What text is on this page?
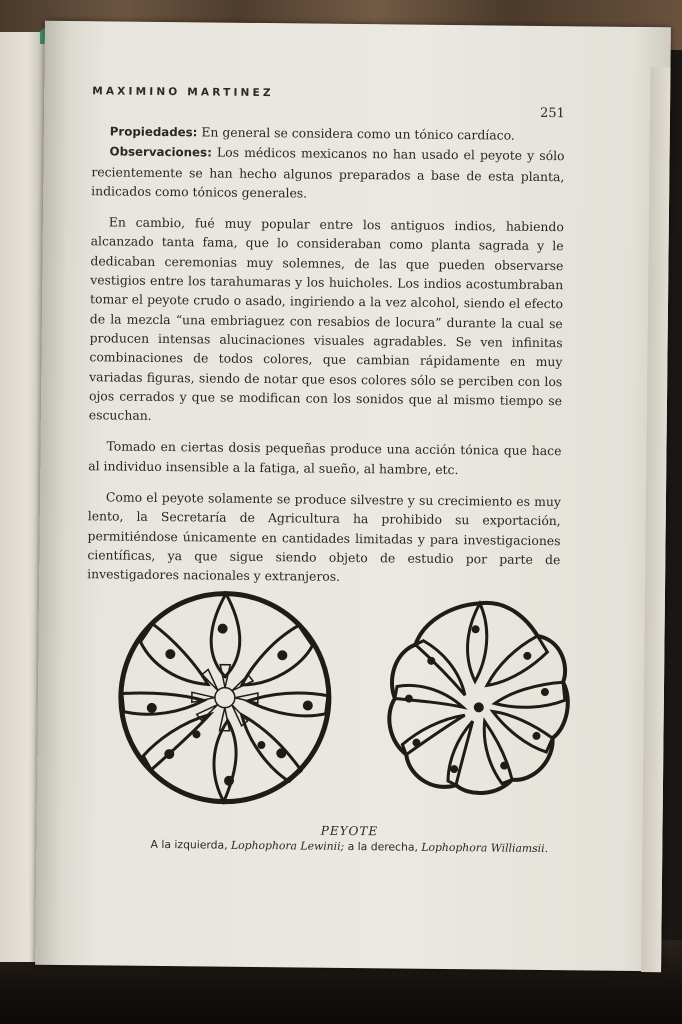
MAXIMINO MARTINEZ
251

Propiedades: En general se considera como un tónico cardíaco.

Observaciones: Los médicos mexicanos no han usado el peyote y sólo recientemente se han hecho algunos preparados a base de esta planta, indicados como tónicos generales.

En cambio, fué muy popular entre los antiguos indios, habiendo alcanzado tanta fama, que lo consideraban como planta sagrada y le dedicaban ceremonias muy solemnes, de las que pueden observarse vestigios entre los tarahumaras y los huicholes. Los indios acostumbraban tomar el peyote crudo o asado, ingiriendo a la vez alcohol, siendo el efecto de la mezcla “una embriaguez con resabios de locura” durante la cual se producen intensas alucinaciones visuales agradables. Se ven infinitas combinaciones de todos colores, que cambian rápidamente en muy variadas figuras, siendo de notar que esos colores sólo se perciben con los ojos cerrados y que se modifican con los sonidos que al mismo tiempo se escuchan.

Tomado en ciertas dosis pequeñas produce una acción tónica que hace al individuo insensible a la fatiga, al sueño, al hambre, etc.

Como el peyote solamente se produce silvestre y su crecimiento es muy lento, la Secretaría de Agricultura ha prohibido su exportación, permitiéndose únicamente en cantidades limitadas y para investigaciones científicas, ya que sigue siendo objeto de estudio por parte de investigadores nacionales y extranjeros.

PEYOTE
A la izquierda, Lophophora Lewinii; a la derecha, Lophophora Williamsii.
